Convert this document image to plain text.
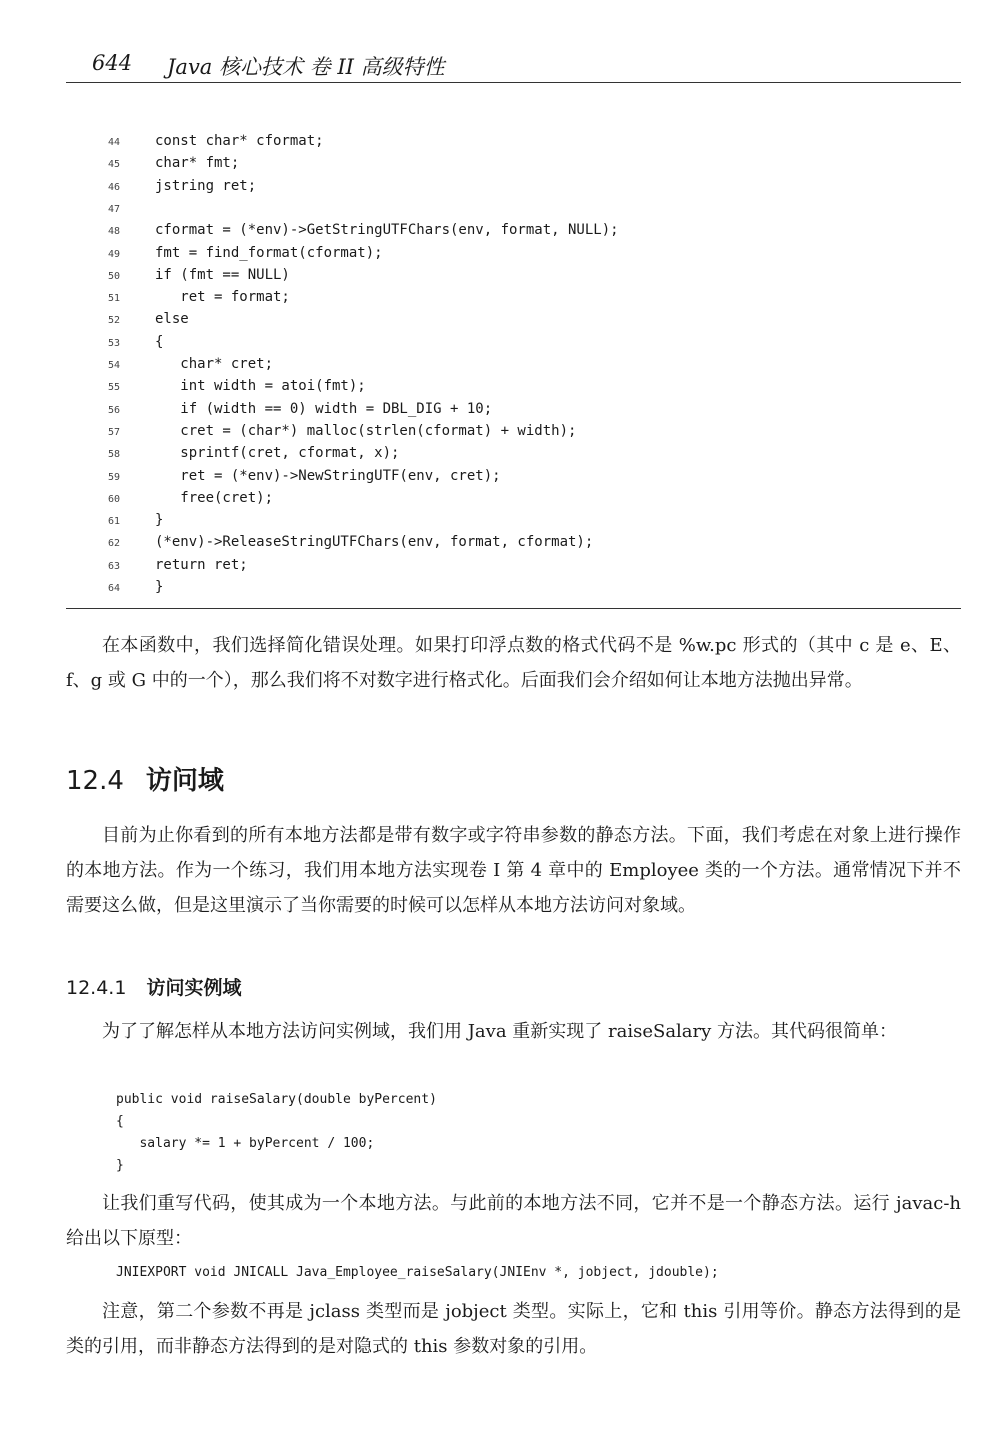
644 Java 核心技术 卷 II 高级特性
44 const char* cformat;
45 char* fmt;
46 jstring ret;
47
48 cformat = (*env)->GetStringUTFChars(env, format, NULL);
49 fmt = find_format(cformat);
50 if (fmt == NULL)
51   ret = format;
52 else
53 {
54   char* cret;
55   int width = atoi(fmt);
56   if (width == 0) width = DBL_DIG + 10;
57   cret = (char*) malloc(strlen(cformat) + width);
58   sprintf(cret, cformat, x);
59   ret = (*env)->NewStringUTF(env, cret);
60   free(cret);
61 }
62 (*env)->ReleaseStringUTFChars(env, format, cformat);
63 return ret;
64 }

在本函数中，我们选择简化错误处理。如果打印浮点数的格式代码不是 %w.pc 形式的（其中 c 是 e、E、f、g 或 G 中的一个），那么我们将不对数字进行格式化。后面我们会介绍如何让本地方法抛出异常。

12.4 访问域

目前为止你看到的所有本地方法都是带有数字或字符串参数的静态方法。下面，我们考虑在对象上进行操作的本地方法。作为一个练习，我们用本地方法实现卷 I 第 4 章中的 Employee 类的一个方法。通常情况下并不需要这么做，但是这里演示了当你需要的时候可以怎样从本地方法访问对象域。

12.4.1 访问实例域

为了了解怎样从本地方法访问实例域，我们用 Java 重新实现了 raiseSalary 方法。其代码很简单：

public void raiseSalary(double byPercent)
{
salary *= 1 + byPercent / 100;
}

让我们重写代码，使其成为一个本地方法。与此前的本地方法不同，它并不是一个静态方法。运行 javac-h 给出以下原型：

JNIEXPORT void JNICALL Java_Employee_raiseSalary(JNIEnv *, jobject, jdouble);

注意，第二个参数不再是 jclass 类型而是 jobject 类型。实际上，它和 this 引用等价。静态方法得到的是类的引用，而非静态方法得到的是对隐式的 this 参数对象的引用。
